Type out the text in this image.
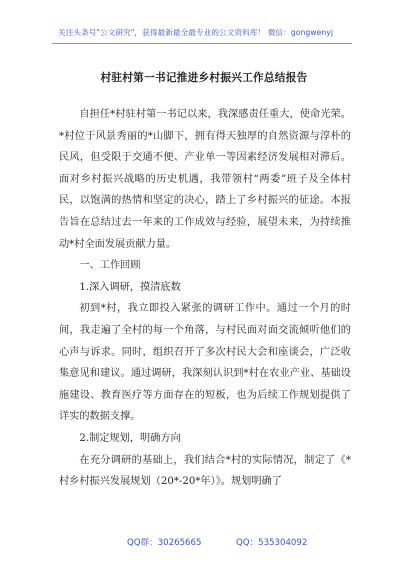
关注头条号"公文研究"，获得最新最全最专业的公文资料库！ 微信：gongwenyj
村驻村第一书记推进乡村振兴工作总结报告

自担任*村驻村第一书记以来，我深感责任重大，使命光荣。*村位于风景秀丽的*山脚下，拥有得天独厚的自然资源与淳朴的民风，但受限于交通不便、产业单一等因素经济发展相对滞后。面对乡村振兴战略的历史机遇，我带领村“两委”班子及全体村民，以饱满的热情和坚定的决心，踏上了乡村振兴的征途。本报告旨在总结过去一年来的工作成效与经验，展望未来，为持续推动*村全面发展贡献力量。

一、工作回顾

1.深入调研，摸清底数

初到*村，我立即投入紧张的调研工作中。通过一个月的时间，我走遍了全村的每一个角落，与村民面对面交流倾听他们的心声与诉求。同时，组织召开了多次村民大会和座谈会，广泛收集意见和建议。通过调研，我深刻认识到*村在农业产业、基础设施建设、教育医疗等方面存在的短板，也为后续工作规划提供了详实的数据支撑。

2.制定规划，明确方向

在充分调研的基础上，我们结合*村的实际情况，制定了《*村乡村振兴发展规划（20*-20*年）》。规划明确了

QQ群：30265665	QQ：535304092
